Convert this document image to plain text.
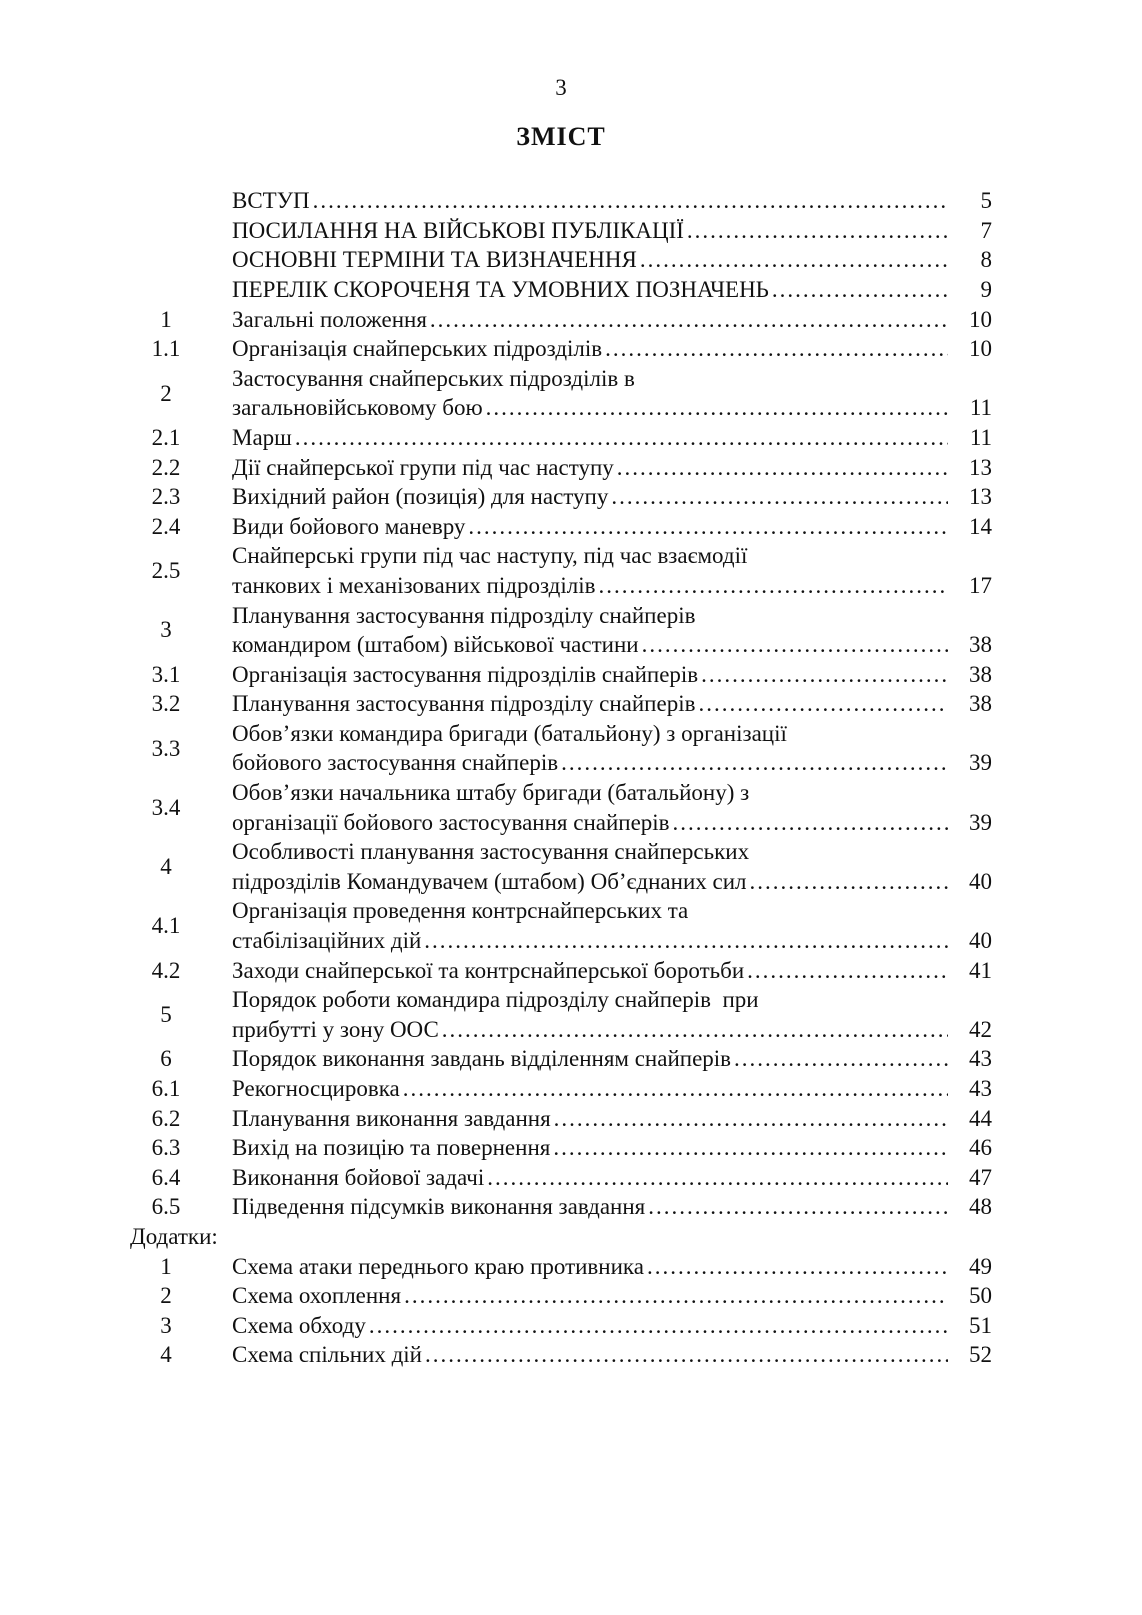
3
ЗМІСТ
ВСТУП .....	5
ПОСИЛАННЯ НА ВІЙСЬКОВІ ПУБЛІКАЦІЇ .....	7
ОСНОВНІ ТЕРМІНИ ТА ВИЗНАЧЕННЯ .....	8
ПЕРЕЛІК СКОРОЧЕНЯ ТА УМОВНИХ ПОЗНАЧЕНЬ .....	9
1	Загальні положення .....	10
1.1	Організація снайперських підрозділів .....	10
2
Застосування снайперських підрозділів в
загальновійськовому бою .....	11
2.1	Марш .....	11
2.2	Дії снайперської групи під час наступу .....	13
2.3	Вихідний район (позиція) для наступу .....	13
2.4	Види бойового маневру .....	14
2.5
Снайперські групи під час наступу, під час взаємодії
танкових і механізованих підрозділів .....	17
3
Планування застосування підрозділу снайперів
командиром (штабом) військової частини .....	38
3.1	Організація застосування підрозділів снайперів .....	38
3.2	Планування застосування підрозділу снайперів .....	38
3.3
Обов’язки командира бригади (батальйону) з організації
бойового застосування снайперів .....	39
3.4
Обов’язки начальника штабу бригади (батальйону) з
організації бойового застосування снайперів .....	39
4
Особливості планування застосування снайперських
підрозділів Командувачем (штабом) Об’єднаних сил .....	40
4.1
Організація проведення контрснайперських та
стабілізаційних дій .....	40
4.2	Заходи снайперської та контрснайперської боротьби .....	41
5
Порядок роботи командира підрозділу снайперів  при
прибутті у зону ООС .....	42
6	Порядок виконання завдань відділенням снайперів .....	43
6.1	Рекогносцировка .....	43
6.2	Планування виконання завдання .....	44
6.3	Вихід на позицію та повернення .....	46
6.4	Виконання бойової задачі .....	47
6.5	Підведення підсумків виконання завдання .....	48
Додатки:
1	Схема атаки переднього краю противника .....	49
2	Схема охоплення .....	50
3	Схема обходу .....	51
4	Схема спільних дій .....	52
